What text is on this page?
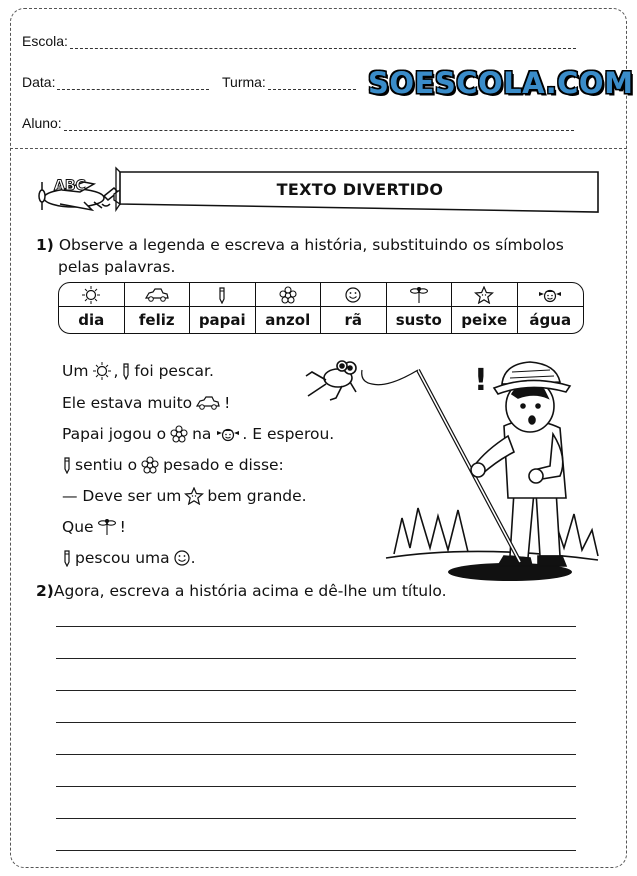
Escola:
Data:	Turma:	SOESCOLA.COM
Aluno:
ABC	TEXTO DIVERTIDO
1) Observe a legenda e escreva a história, substituindo os símbolos
pelas palavras.
dia	feliz	papai	anzol	rã	susto	peixe	água
Um , foi pescar.
Ele estava muito !
Papai jogou o na . E esperou.
sentiu o pesado e disse:
— Deve ser um bem grande.
Que !
pescou uma .
!
2)Agora, escreva a história acima e dê-lhe um título.
